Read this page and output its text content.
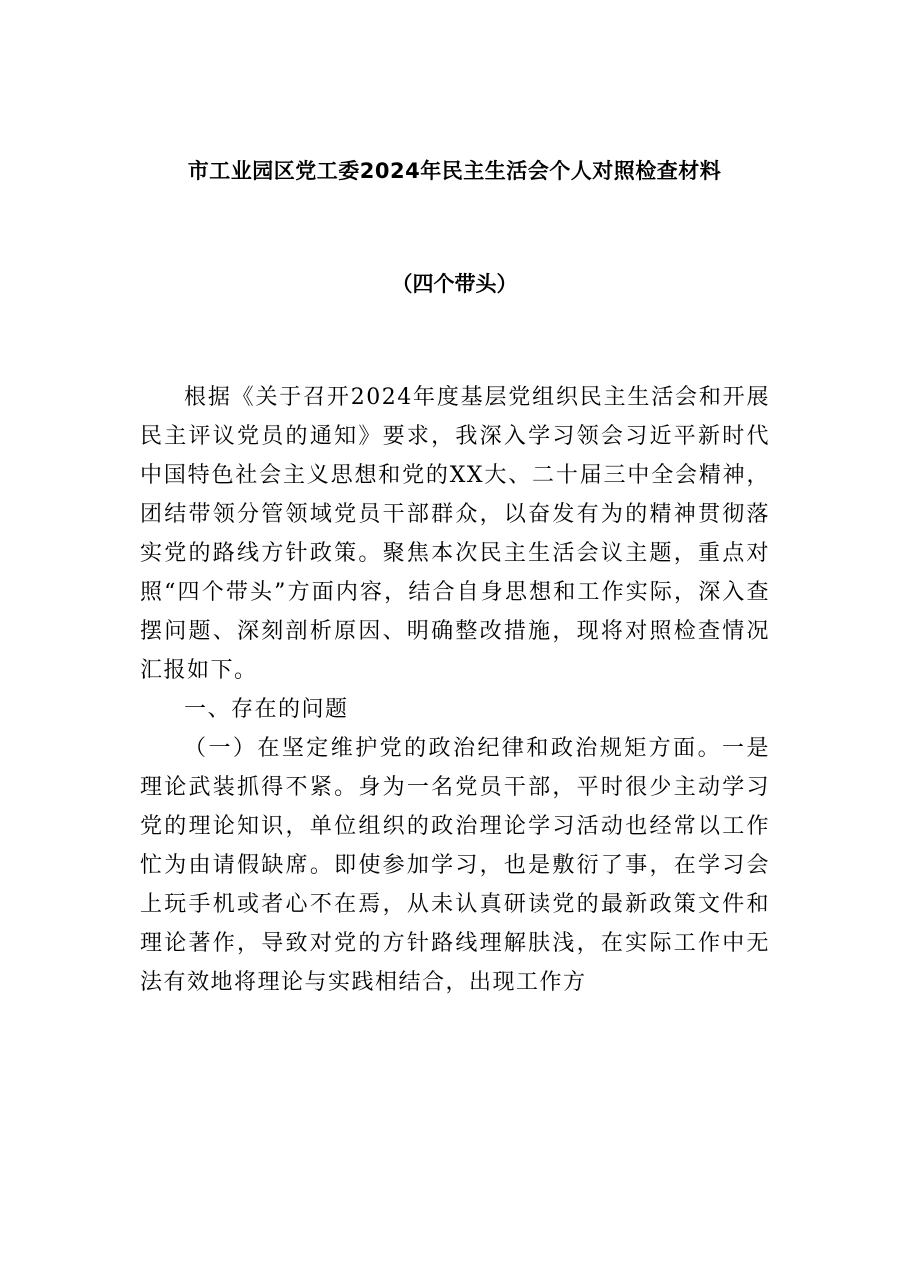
市工业园区党工委2024年民主生活会个人对照检查材料
（四个带头）

根据《关于召开2024年度基层党组织民主生活会和开展民主评议党员的通知》要求，我深入学习领会习近平新时代中国特色社会主义思想和党的XX大、二十届三中全会精神，团结带领分管领域党员干部群众，以奋发有为的精神贯彻落实党的路线方针政策。聚焦本次民主生活会议主题，重点对照“四个带头”方面内容，结合自身思想和工作实际，深入查摆问题、深刻剖析原因、明确整改措施，现将对照检查情况汇报如下。

一、存在的问题

（一）在坚定维护党的政治纪律和政治规矩方面。一是理论武装抓得不紧。身为一名党员干部，平时很少主动学习党的理论知识，单位组织的政治理论学习活动也经常以工作忙为由请假缺席。即使参加学习，也是敷衍了事，在学习会上玩手机或者心不在焉，从未认真研读党的最新政策文件和理论著作，导致对党的方针路线理解肤浅，在实际工作中无法有效地将理论与实践相结合，出现工作方
